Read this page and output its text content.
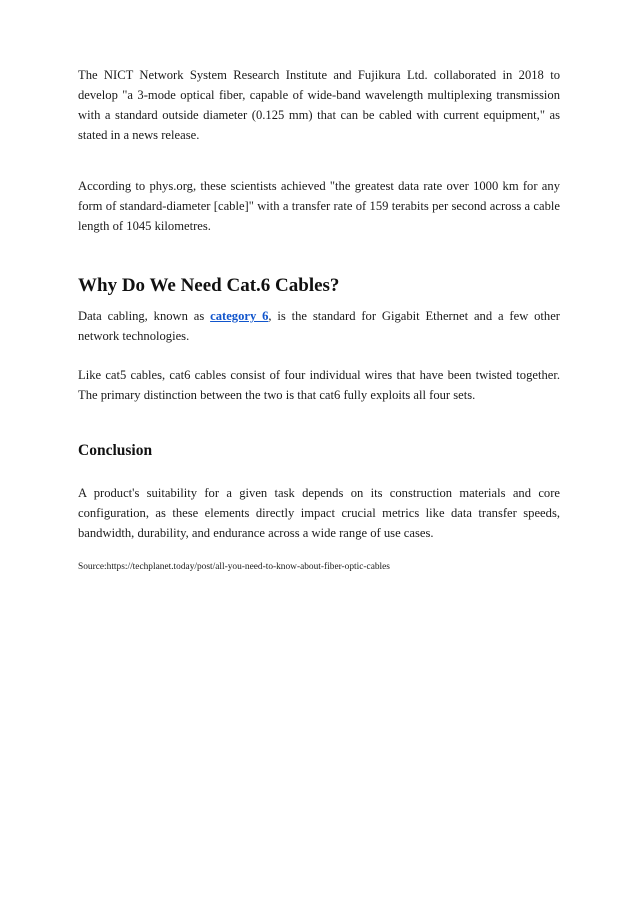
The NICT Network System Research Institute and Fujikura Ltd. collaborated in 2018 to develop "a 3-mode optical fiber, capable of wide-band wavelength multiplexing transmission with a standard outside diameter (0.125 mm) that can be cabled with current equipment," as stated in a news release.

According to phys.org, these scientists achieved "the greatest data rate over 1000 km for any form of standard-diameter [cable]" with a transfer rate of 159 terabits per second across a cable length of 1045 kilometres.

Why Do We Need Cat.6 Cables?

Data cabling, known as category 6, is the standard for Gigabit Ethernet and a few other network technologies.

Like cat5 cables, cat6 cables consist of four individual wires that have been twisted together. The primary distinction between the two is that cat6 fully exploits all four sets.

Conclusion

A product's suitability for a given task depends on its construction materials and core configuration, as these elements directly impact crucial metrics like data transfer speeds, bandwidth, durability, and endurance across a wide range of use cases.

Source:https://techplanet.today/post/all-you-need-to-know-about-fiber-optic-cables
